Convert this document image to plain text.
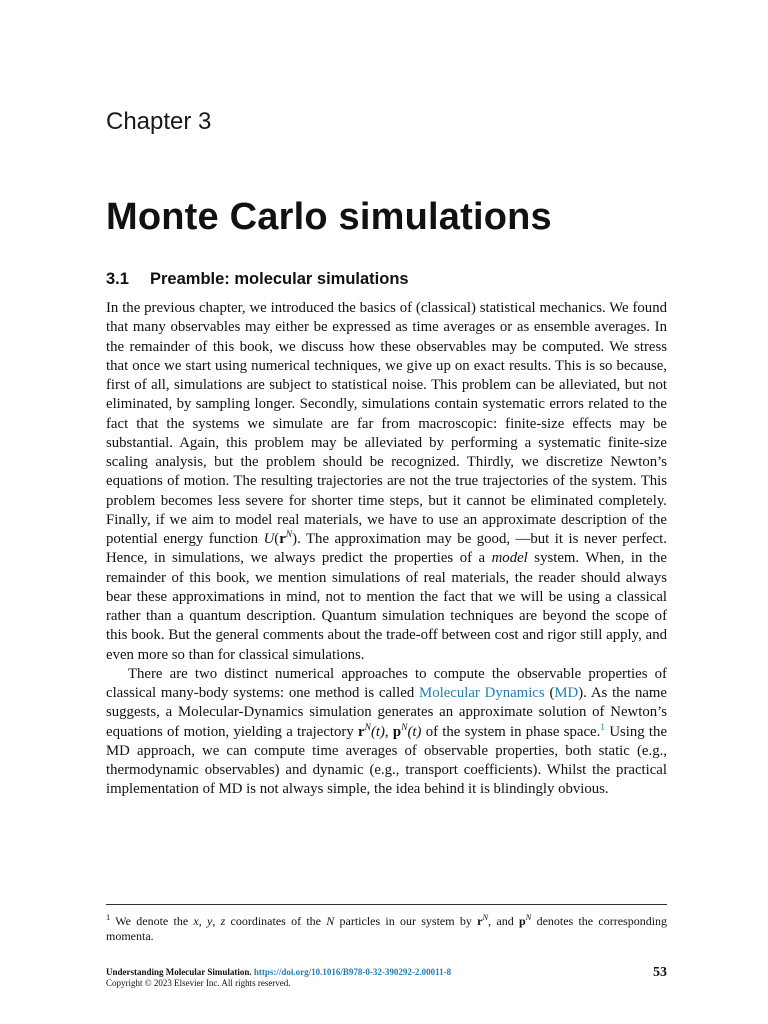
Chapter 3
Monte Carlo simulations
3.1 Preamble: molecular simulations

In the previous chapter, we introduced the basics of (classical) statistical mechanics. We found that many observables may either be expressed as time averages or as ensemble averages. In the remainder of this book, we discuss how these observables may be computed. We stress that once we start using numerical techniques, we give up on exact results. This is so because, first of all, simulations are subject to statistical noise. This problem can be alleviated, but not eliminated, by sampling longer. Secondly, simulations contain systematic errors related to the fact that the systems we simulate are far from macroscopic: finite-size effects may be substantial. Again, this problem may be alleviated by performing a systematic finite-size scaling analysis, but the problem should be recognized. Thirdly, we discretize Newton’s equations of motion. The resulting trajectories are not the true trajectories of the system. This problem becomes less severe for shorter time steps, but it cannot be eliminated completely. Finally, if we aim to model real materials, we have to use an approximate description of the potential energy function $U(r^N)$. The approximation may be good, —but it is never perfect. Hence, in simulations, we always predict the properties of a model system. When, in the remainder of this book, we mention simulations of real materials, the reader should always bear these approximations in mind, not to mention the fact that we will be using a classical rather than a quantum description. Quantum simulation techniques are beyond the scope of this book. But the general comments about the trade-off between cost and rigor still apply, and even more so than for classical simulations.

There are two distinct numerical approaches to compute the observable properties of classical many-body systems: one method is called Molecular Dynamics (MD). As the name suggests, a Molecular-Dynamics simulation generates an approximate solution of Newton’s equations of motion, yielding a trajectory $r^N(t)$, $p^N(t)$ of the system in phase space.$^1$ Using the MD approach, we can compute time averages of observable properties, both static (e.g., thermodynamic observables) and dynamic (e.g., transport coefficients). Whilst the practical implementation of MD is not always simple, the idea behind it is blindingly obvious.

$^1$ We denote the x, y, z coordinates of the N particles in our system by $r^N$, and $p^N$ denotes the corresponding momenta.
Understanding Molecular Simulation. https://doi.org/10.1016/B978-0-32-390292-2.00011-8
Copyright © 2023 Elsevier Inc. All rights reserved.
53
